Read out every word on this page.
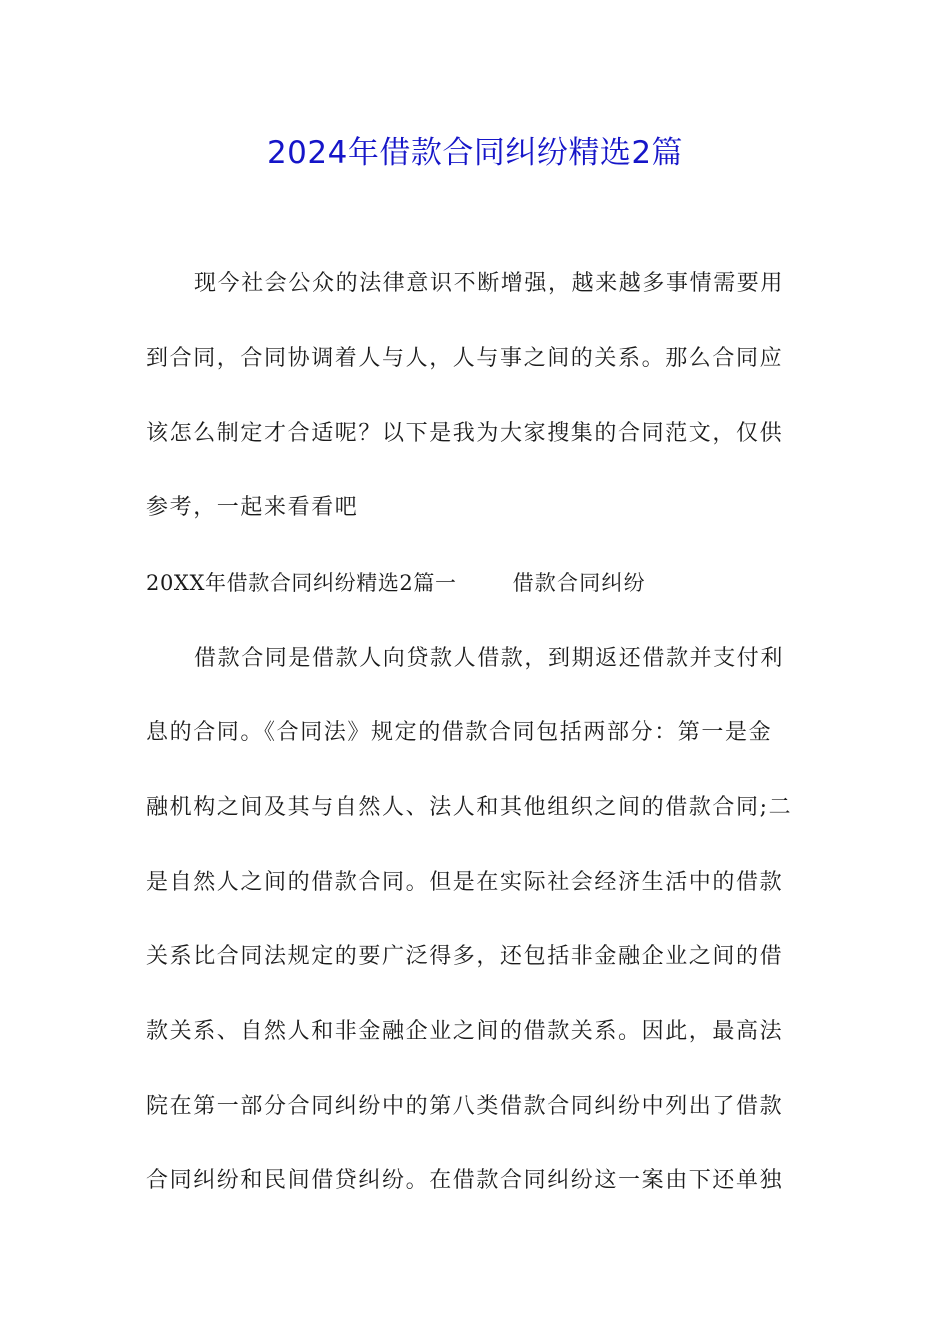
2024年借款合同纠纷精选2篇
现今社会公众的法律意识不断增强，越来越多事情需要用
到合同，合同协调着人与人，人与事之间的关系。那么合同应
该怎么制定才合适呢？以下是我为大家搜集的合同范文，仅供
参考，一起来看看吧
20XX年借款合同纠纷精选2篇一	借款合同纠纷
借款合同是借款人向贷款人借款，到期返还借款并支付利
息的合同。《合同法》规定的借款合同包括两部分：第一是金
融机构之间及其与自然人、法人和其他组织之间的借款合同;二
是自然人之间的借款合同。但是在实际社会经济生活中的借款
关系比合同法规定的要广泛得多，还包括非金融企业之间的借
款关系、自然人和非金融企业之间的借款关系。因此，最高法
院在第一部分合同纠纷中的第八类借款合同纠纷中列出了借款
合同纠纷和民间借贷纠纷。在借款合同纠纷这一案由下还单独
